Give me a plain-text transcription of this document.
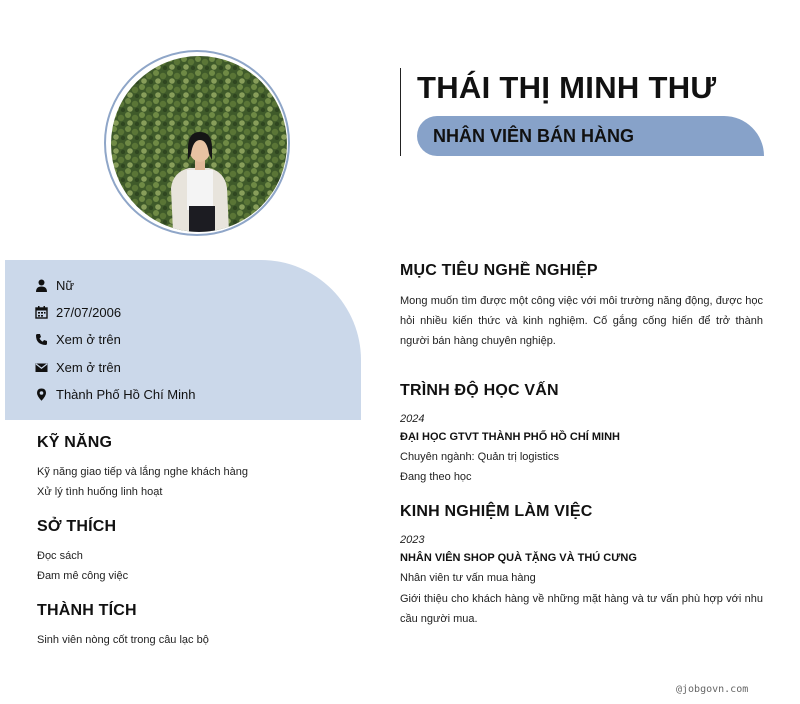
THÁI THỊ MINH THƯ
NHÂN VIÊN BÁN HÀNG
Nữ
27/07/2006
Xem ở trên
Xem ở trên
Thành Phố Hồ Chí Minh
KỸ NĂNG
Kỹ năng giao tiếp và lắng nghe khách hàng
Xử lý tình huống linh hoạt
SỞ THÍCH
Đọc sách
Đam mê công việc
THÀNH TÍCH
Sinh viên nòng cốt trong câu lạc bộ
MỤC TIÊU NGHỀ NGHIỆP
Mong muốn tìm được một công việc với môi trường năng động, được học hỏi nhiều kiến thức và kinh nghiệm. Cố gắng cống hiến để trở thành người bán hàng chuyên nghiệp.
TRÌNH ĐỘ HỌC VẤN
2024
ĐẠI HỌC GTVT THÀNH PHỐ HỒ CHÍ MINH
Chuyên ngành: Quản trị logistics
Đang theo học
KINH NGHIỆM LÀM VIỆC
2023
NHÂN VIÊN SHOP QUÀ TẶNG VÀ THÚ CƯNG
Nhân viên tư vấn mua hàng
Giới thiệu cho khách hàng về những mặt hàng và tư vấn phù hợp với nhu cầu người mua.
@jobgovn.com
